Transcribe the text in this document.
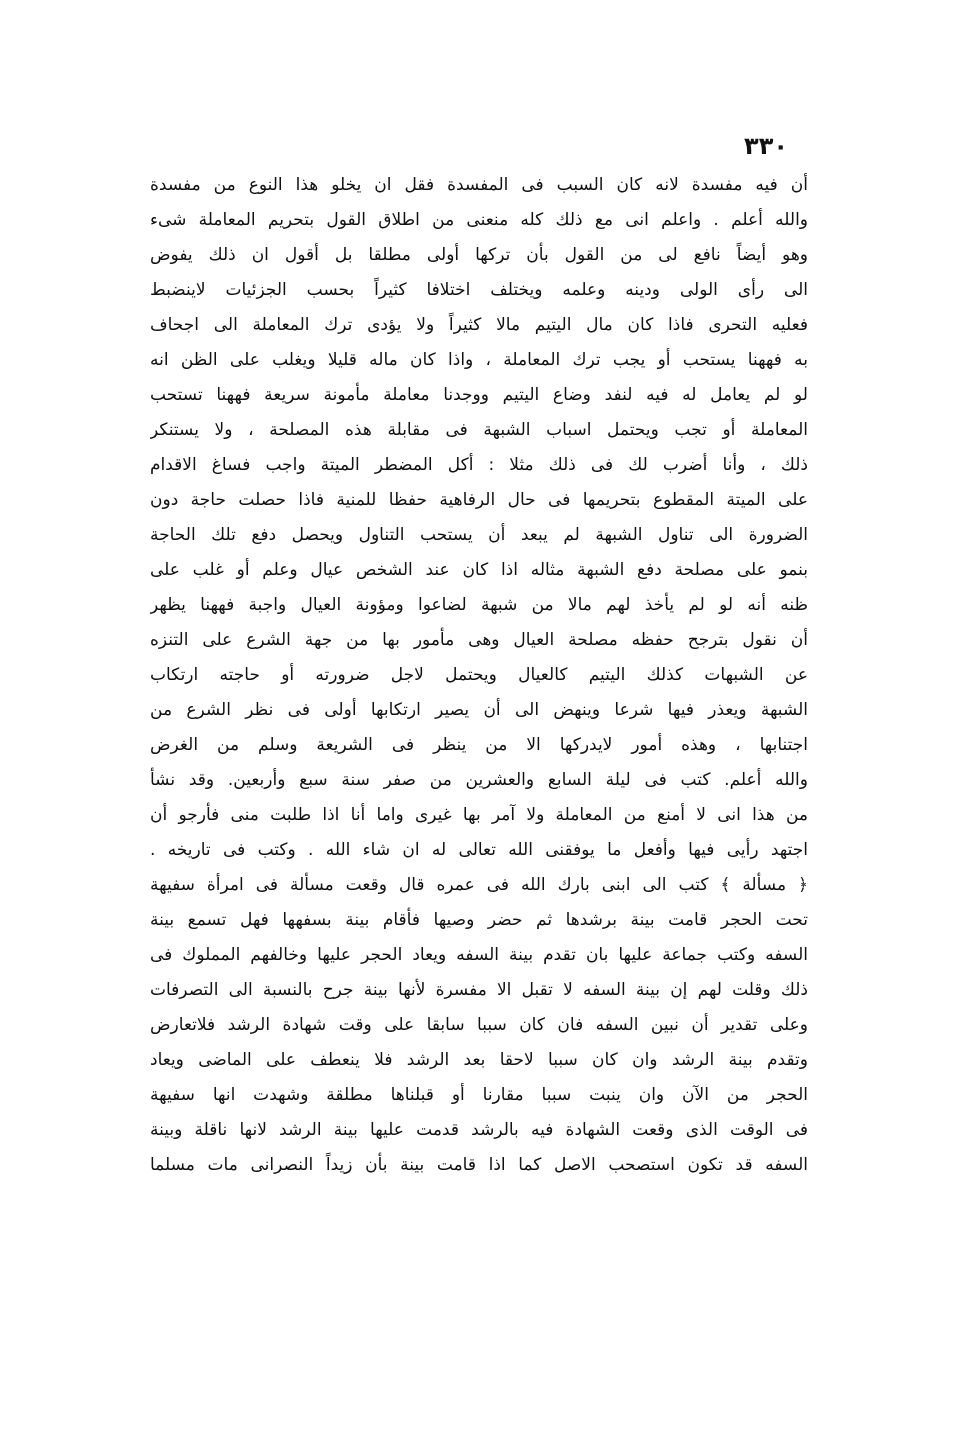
٣٣٠
أن فيه مفسدة لانه كان السبب فى المفسدة فقل ان يخلو هذا النوع من مفسدة
والله أعلم . واعلم انى مع ذلك كله منعنى من اطلاق القول بتحريم المعاملة شىء
وهو أيضاً نافع لى من القول بأن تركها أولى مطلقا بل أقول ان ذلك يفوض
الى رأى الولى ودينه وعلمه ويختلف اختلافا كثيراً بحسب الجزئيات لاينضبط
فعليه التحرى فاذا كان مال اليتيم مالا كثيراً ولا يؤدى ترك المعاملة الى اجحاف
به فههنا يستحب أو يجب ترك المعاملة ، واذا كان ماله قليلا ويغلب على الظن انه
لو لم يعامل له فيه لنفد وضاع اليتيم ووجدنا معاملة مأمونة سريعة فههنا تستحب
المعاملة أو تجب ويحتمل اسباب الشبهة فى مقابلة هذه المصلحة ، ولا يستنكر
ذلك ، وأنا أضرب لك فى ذلك مثلا : أكل المضطر الميتة واجب فساغ الاقدام
على الميتة المقطوع بتحريمها فى حال الرفاهية حفظا للمنية فاذا حصلت حاجة دون
الضرورة الى تناول الشبهة لم يبعد أن يستحب التناول ويحصل دفع تلك الحاجة
بنمو على مصلحة دفع الشبهة مثاله اذا كان عند الشخص عيال وعلم أو غلب على
ظنه أنه لو لم يأخذ لهم مالا من شبهة لضاعوا ومؤونة العيال واجبة فههنا يظهر
أن نقول بترجح حفظه مصلحة العيال وهى مأمور بها من جهة الشرع على التنزه
عن الشبهات كذلك اليتيم كالعيال ويحتمل لاجل ضرورته أو حاجته ارتكاب
الشبهة ويعذر فيها شرعا وينهض الى أن يصير ارتكابها أولى فى نظر الشرع من
اجتنابها ، وهذه أمور لايدركها الا من ينظر فى الشريعة وسلم من الغرض
والله أعلم. كتب فى ليلة السابع والعشرين من صفر سنة سبع وأربعين. وقد نشأ
من هذا انى لا أمنع من المعاملة ولا آمر بها غيرى واما أنا اذا طلبت منى فأرجو أن
اجتهد رأيى فيها وأفعل ما يوفقنى الله تعالى له ان شاء الله . وكتب فى تاريخه .
﴿ مسألة ﴾ كتب الى ابنى بارك الله فى عمره قال وقعت مسألة فى امرأة سفيهة
تحت الحجر قامت بينة برشدها ثم حضر وصيها فأقام بينة بسفهها فهل تسمع بينة
السفه وكتب جماعة عليها بان تقدم بينة السفه ويعاد الحجر عليها وخالفهم المملوك فى
ذلك وقلت لهم إن بينة السفه لا تقبل الا مفسرة لأنها بينة جرح بالنسبة الى التصرفات
وعلى تقدير أن نبين السفه فان كان سببا سابقا على وقت شهادة الرشد فلاتعارض
وتقدم بينة الرشد وان كان سببا لاحقا بعد الرشد فلا ينعطف على الماضى ويعاد
الحجر من الآن وان ينبت سببا مقارنا أو قبلناها مطلقة وشهدت انها سفيهة
فى الوقت الذى وقعت الشهادة فيه بالرشد قدمت عليها بينة الرشد لانها ناقلة وبينة
السفه قد تكون استصحب الاصل كما اذا قامت بينة بأن زيداً النصرانى مات مسلما
